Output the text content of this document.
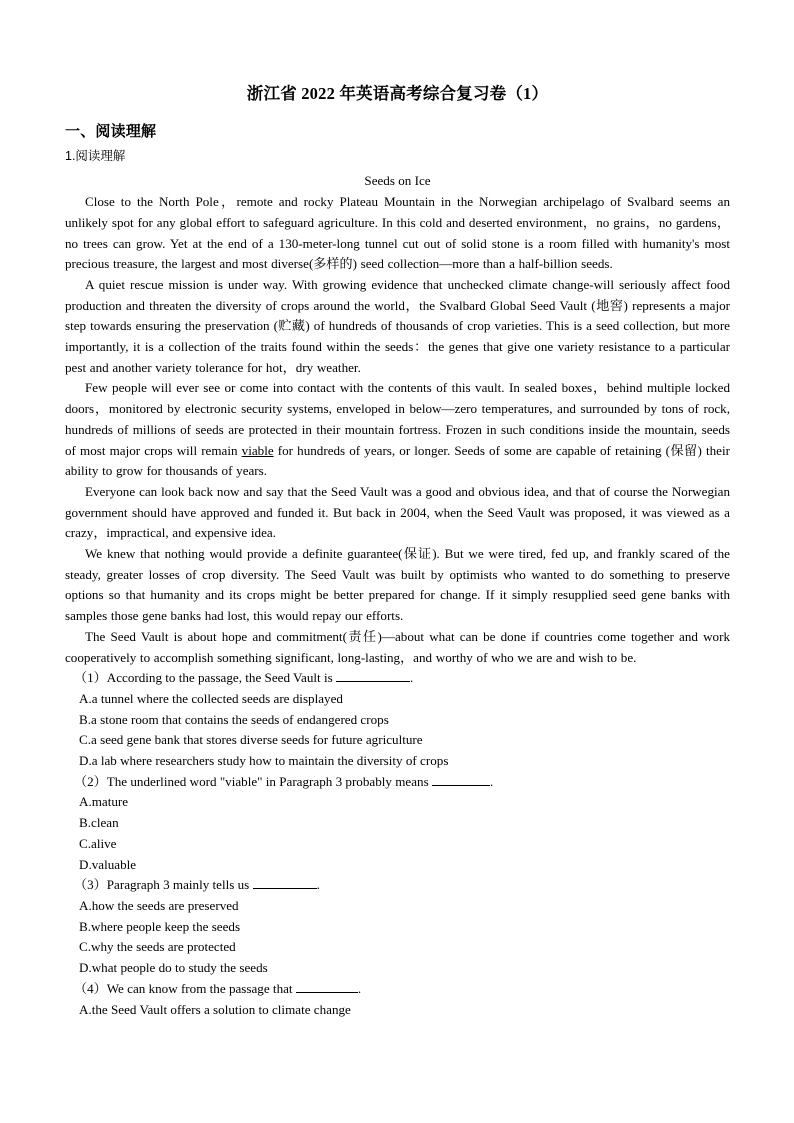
浙江省 2022 年英语高考综合复习卷（1）
一、阅读理解
1.阅读理解

Seeds on Ice

Close to the North Pole，remote and rocky Plateau Mountain in the Norwegian archipelago of Svalbard seems an unlikely spot for any global effort to safeguard agriculture. In this cold and deserted environment，no grains，no gardens，no trees can grow. Yet at the end of a 130-meter-long tunnel cut out of solid stone is a room filled with humanity's most precious treasure, the largest and most diverse(多样的) seed collection—more than a half-billion seeds.

A quiet rescue mission is under way. With growing evidence that unchecked climate change-will seriously affect food production and threaten the diversity of crops around the world，the Svalbard Global Seed Vault (地窖) represents a major step towards ensuring the preservation (贮藏) of hundreds of thousands of crop varieties. This is a seed collection, but more importantly, it is a collection of the traits found within the seeds：the genes that give one variety resistance to a particular pest and another variety tolerance for hot，dry weather.

Few people will ever see or come into contact with the contents of this vault. In sealed boxes，behind multiple locked doors，monitored by electronic security systems, enveloped in below—zero temperatures, and surrounded by tons of rock, hundreds of millions of seeds are protected in their mountain fortress. Frozen in such conditions inside the mountain, seeds of most major crops will remain viable for hundreds of years, or longer. Seeds of some are capable of retaining (保留) their ability to grow for thousands of years.

Everyone can look back now and say that the Seed Vault was a good and obvious idea, and that of course the Norwegian government should have approved and funded it. But back in 2004, when the Seed Vault was proposed, it was viewed as a crazy，impractical, and expensive idea.

We knew that nothing would provide a definite guarantee(保证). But we were tired, fed up, and frankly scared of the steady, greater losses of crop diversity. The Seed Vault was built by optimists who wanted to do something to preserve options so that humanity and its crops might be better prepared for change. If it simply resupplied seed gene banks with samples those gene banks had lost, this would repay our efforts.

The Seed Vault is about hope and commitment(责任)—about what can be done if countries come together and work cooperatively to accomplish something significant, long-lasting，and worthy of who we are and wish to be.

（1）According to the passage, the Seed Vault is	.

A.a tunnel where the collected seeds are displayed

B.a stone room that contains the seeds of endangered crops

C.a seed gene bank that stores diverse seeds for future agriculture

D.a lab where researchers study how to maintain the diversity of crops

（2）The underlined word "viable" in Paragraph 3 probably means	.

A.mature

B.clean

C.alive

D.valuable

（3）Paragraph 3 mainly tells us	.

A.how the seeds are preserved

B.where people keep the seeds

C.why the seeds are protected

D.what people do to study the seeds

（4）We can know from the passage that	.

A.the Seed Vault offers a solution to climate change
